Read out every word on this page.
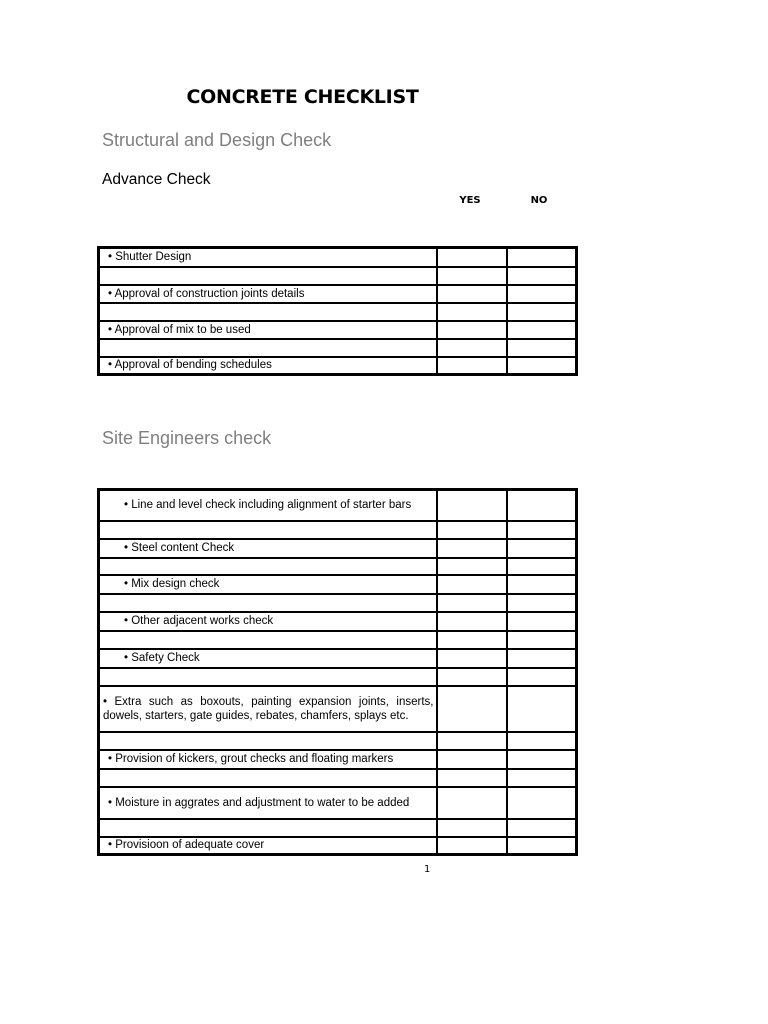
CONCRETE CHECKLIST
Structural and Design Check
Advance Check
YES	NO
• Shutter Design		

• Approval of construction joints details		

• Approval of mix to be used		

• Approval of bending schedules		
Site Engineers check
• Line and level check including alignment of starter bars		

• Steel content Check		

• Mix design check		

• Other adjacent works check		

• Safety Check		

• Extra such as boxouts, painting expansion joints, inserts, dowels, starters, gate guides, rebates, chamfers, splays etc.		

• Provision of kickers, grout checks and floating markers		

• Moisture in aggrates and adjustment to water to be added		

• Provisioon of adequate cover		
1
